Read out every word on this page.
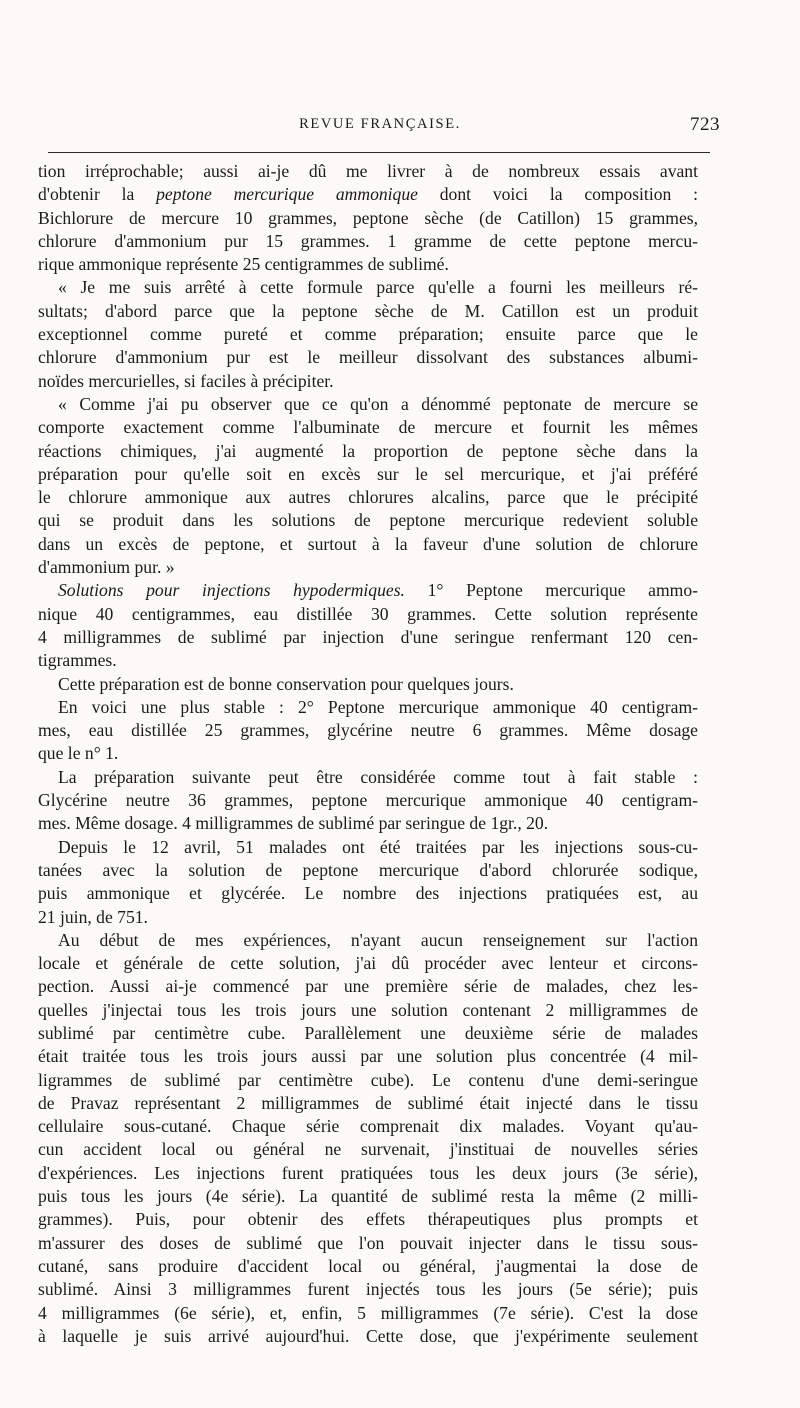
REVUE FRANÇAISE.	723
tion irréprochable; aussi ai-je dû me livrer à de nombreux essais avant
d'obtenir la peptone mercurique ammonique dont voici la composition :
Bichlorure de mercure 10 grammes, peptone sèche (de Catillon) 15 grammes,
chlorure d'ammonium pur 15 grammes. 1 gramme de cette peptone mercu-
rique ammonique représente 25 centigrammes de sublimé.
« Je me suis arrêté à cette formule parce qu'elle a fourni les meilleurs ré-
sultats; d'abord parce que la peptone sèche de M. Catillon est un produit
exceptionnel comme pureté et comme préparation; ensuite parce que le
chlorure d'ammonium pur est le meilleur dissolvant des substances albumi-
noïdes mercurielles, si faciles à précipiter.
« Comme j'ai pu observer que ce qu'on a dénommé peptonate de mercure se
comporte exactement comme l'albuminate de mercure et fournit les mêmes
réactions chimiques, j'ai augmenté la proportion de peptone sèche dans la
préparation pour qu'elle soit en excès sur le sel mercurique, et j'ai préféré
le chlorure ammonique aux autres chlorures alcalins, parce que le précipité
qui se produit dans les solutions de peptone mercurique redevient soluble
dans un excès de peptone, et surtout à la faveur d'une solution de chlorure
d'ammonium pur. »
Solutions pour injections hypodermiques. 1° Peptone mercurique ammo-
nique 40 centigrammes, eau distillée 30 grammes. Cette solution représente
4 milligrammes de sublimé par injection d'une seringue renfermant 120 cen-
tigrammes.
Cette préparation est de bonne conservation pour quelques jours.
En voici une plus stable : 2° Peptone mercurique ammonique 40 centigram-
mes, eau distillée 25 grammes, glycérine neutre 6 grammes. Même dosage
que le n° 1.
La préparation suivante peut être considérée comme tout à fait stable :
Glycérine neutre 36 grammes, peptone mercurique ammonique 40 centigram-
mes. Même dosage. 4 milligrammes de sublimé par seringue de 1gr., 20.
Depuis le 12 avril, 51 malades ont été traitées par les injections sous-cu-
tanées avec la solution de peptone mercurique d'abord chlorurée sodique,
puis ammonique et glycérée. Le nombre des injections pratiquées est, au
21 juin, de 751.
Au début de mes expériences, n'ayant aucun renseignement sur l'action
locale et générale de cette solution, j'ai dû procéder avec lenteur et circons-
pection. Aussi ai-je commencé par une première série de malades, chez les-
quelles j'injectai tous les trois jours une solution contenant 2 milligrammes de
sublimé par centimètre cube. Parallèlement une deuxième série de malades
était traitée tous les trois jours aussi par une solution plus concentrée (4 mil-
ligrammes de sublimé par centimètre cube). Le contenu d'une demi-seringue
de Pravaz représentant 2 milligrammes de sublimé était injecté dans le tissu
cellulaire sous-cutané. Chaque série comprenait dix malades. Voyant qu'au-
cun accident local ou général ne survenait, j'instituai de nouvelles séries
d'expériences. Les injections furent pratiquées tous les deux jours (3e série),
puis tous les jours (4e série). La quantité de sublimé resta la même (2 milli-
grammes). Puis, pour obtenir des effets thérapeutiques plus prompts et
m'assurer des doses de sublimé que l'on pouvait injecter dans le tissu sous-
cutané, sans produire d'accident local ou général, j'augmentai la dose de
sublimé. Ainsi 3 milligrammes furent injectés tous les jours (5e série); puis
4 milligrammes (6e série), et, enfin, 5 milligrammes (7e série). C'est la dose
à laquelle je suis arrivé aujourd'hui. Cette dose, que j'expérimente seulement
